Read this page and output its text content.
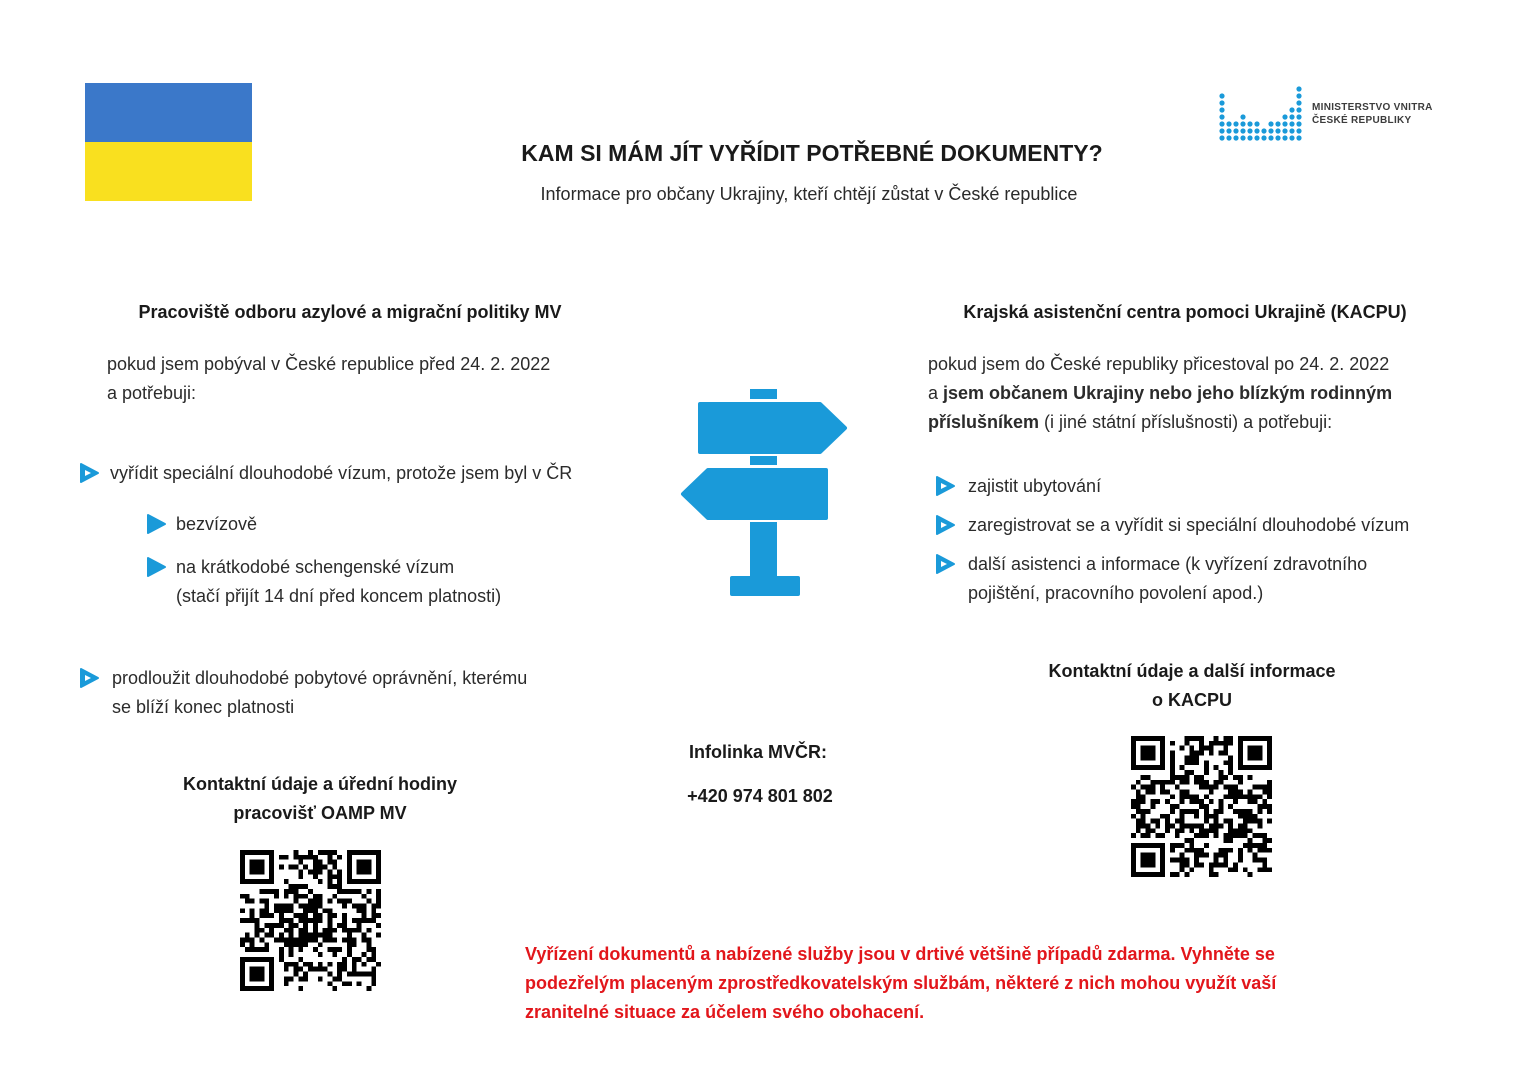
MINISTERSTVO VNITRA
ČESKÉ REPUBLIKY
KAM SI MÁM JÍT VYŘÍDIT POTŘEBNÉ DOKUMENTY?
Informace pro občany Ukrajiny, kteří chtějí zůstat v České republice
Pracoviště odboru azylové a migrační politiky MV
pokud jsem pobýval v České republice před 24. 2. 2022
a potřebuji:
vyřídit speciální dlouhodobé vízum, protože jsem byl v ČR
bezvízově
na krátkodobé schengenské vízum
(stačí přijít 14 dní před koncem platnosti)
prodloužit dlouhodobé pobytové oprávnění, kterému
se blíží konec platnosti
Kontaktní údaje a úřední hodiny
pracovišť OAMP MV
Infolinka MVČR:
+420 974 801 802
Krajská asistenční centra pomoci Ukrajině (KACPU)
pokud jsem do České republiky přicestoval po 24. 2. 2022
a jsem občanem Ukrajiny nebo jeho blízkým rodinným
příslušníkem (i jiné státní příslušnosti) a potřebuji:
zajistit ubytování
zaregistrovat se a vyřídit si speciální dlouhodobé vízum
další asistenci a informace (k vyřízení zdravotního
pojištění, pracovního povolení apod.)
Kontaktní údaje a další informace
o KACPU
Vyřízení dokumentů a nabízené služby jsou v drtivé většině případů zdarma. Vyhněte se
podezřelým placeným zprostředkovatelským službám, některé z nich mohou využít vaší
zranitelné situace za účelem svého obohacení.
